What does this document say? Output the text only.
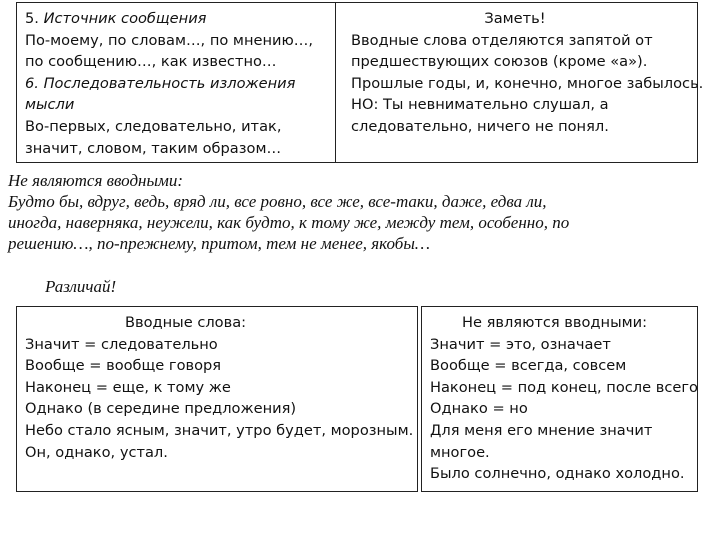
5. Источник сообщения
По-моему, по словам…, по мнению…,
по сообщению…, как известно…
6. Последовательность изложения
мысли
Во-первых, следовательно, итак,
значит, словом, таким образом…
Заметь!
Вводные слова отделяются запятой от
предшествующих союзов (кроме «а»).
Прошлые годы, и, конечно, многое забылось.
НО: Ты невнимательно слушал, а
следовательно, ничего не понял.
Не являются вводными:
Будто бы, вдруг, ведь, вряд ли, все ровно, все же, все-таки, даже, едва ли,
иногда, наверняка, неужели, как будто, к тому же, между тем, особенно, по
решению…, по-прежнему, притом, тем не менее, якобы…
Различай!
Вводные слова:
Значит = следовательно
Вообще = вообще говоря
Наконец = еще, к тому же
Однако (в середине предложения)
Небо стало ясным, значит, утро будет, морозным.
Он, однако, устал.
Не являются вводными:
Значит = это, означает
Вообще = всегда, совсем
Наконец = под конец, после всего
Однако = но
Для меня его мнение значит
многое.
Было солнечно, однако холодно.
